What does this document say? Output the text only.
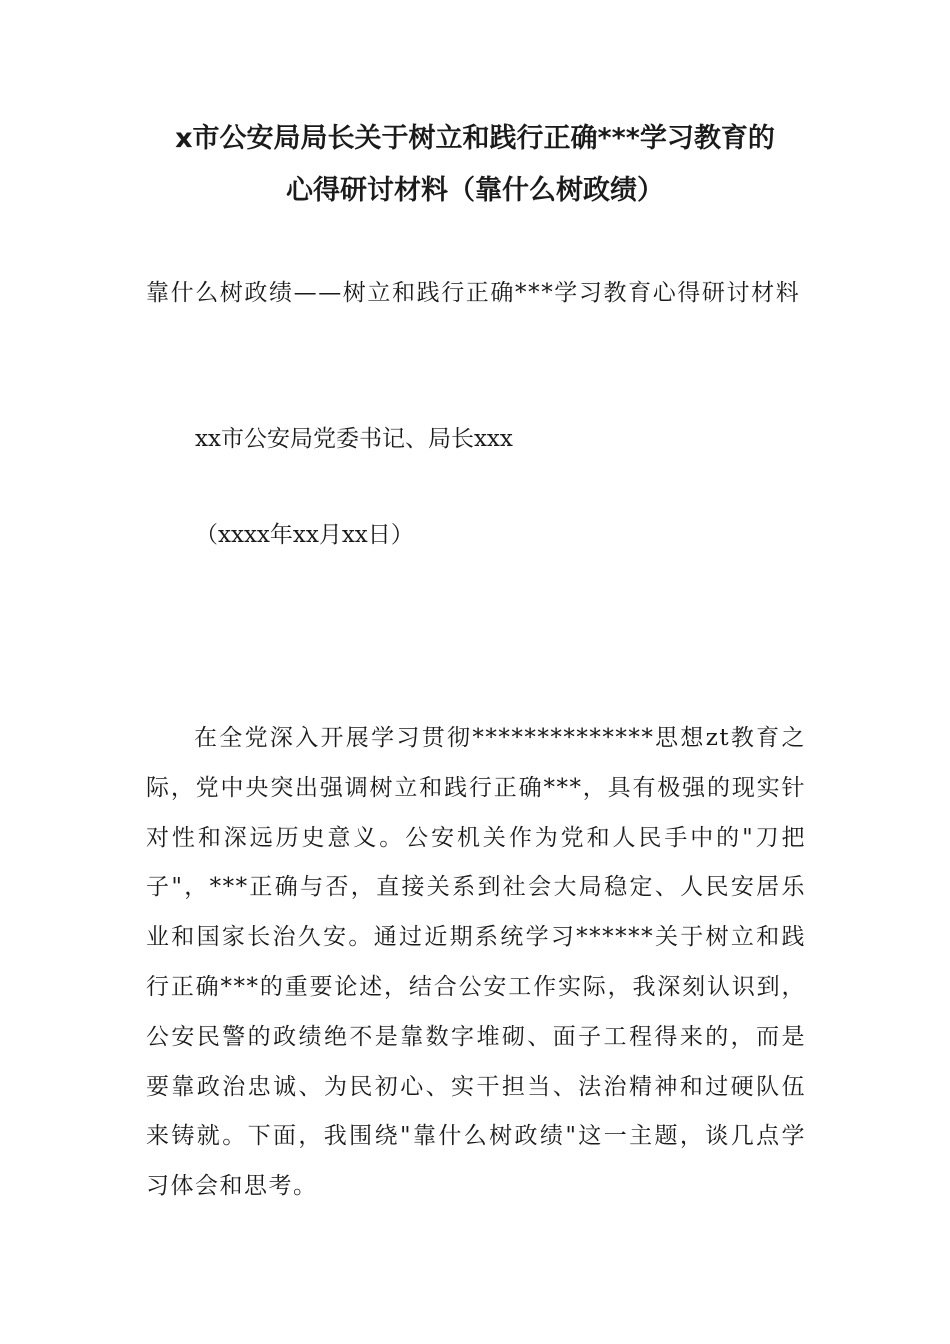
x市公安局局长关于树立和践行正确***学习教育的
心得研讨材料（靠什么树政绩）

靠什么树政绩——树立和践行正确***学习教育心得研讨材料

xx市公安局党委书记、局长xxx

（xxxx年xx月xx日）

在全党深入开展学习贯彻**************思想zt教育之际，党中央突出强调树立和践行正确***，具有极强的现实针对性和深远历史意义。公安机关作为党和人民手中的"刀把子"，***正确与否，直接关系到社会大局稳定、人民安居乐业和国家长治久安。通过近期系统学习******关于树立和践行正确***的重要论述，结合公安工作实际，我深刻认识到，公安民警的政绩绝不是靠数字堆砌、面子工程得来的，而是要靠政治忠诚、为民初心、实干担当、法治精神和过硬队伍来铸就。下面，我围绕"靠什么树政绩"这一主题，谈几点学习体会和思考。
